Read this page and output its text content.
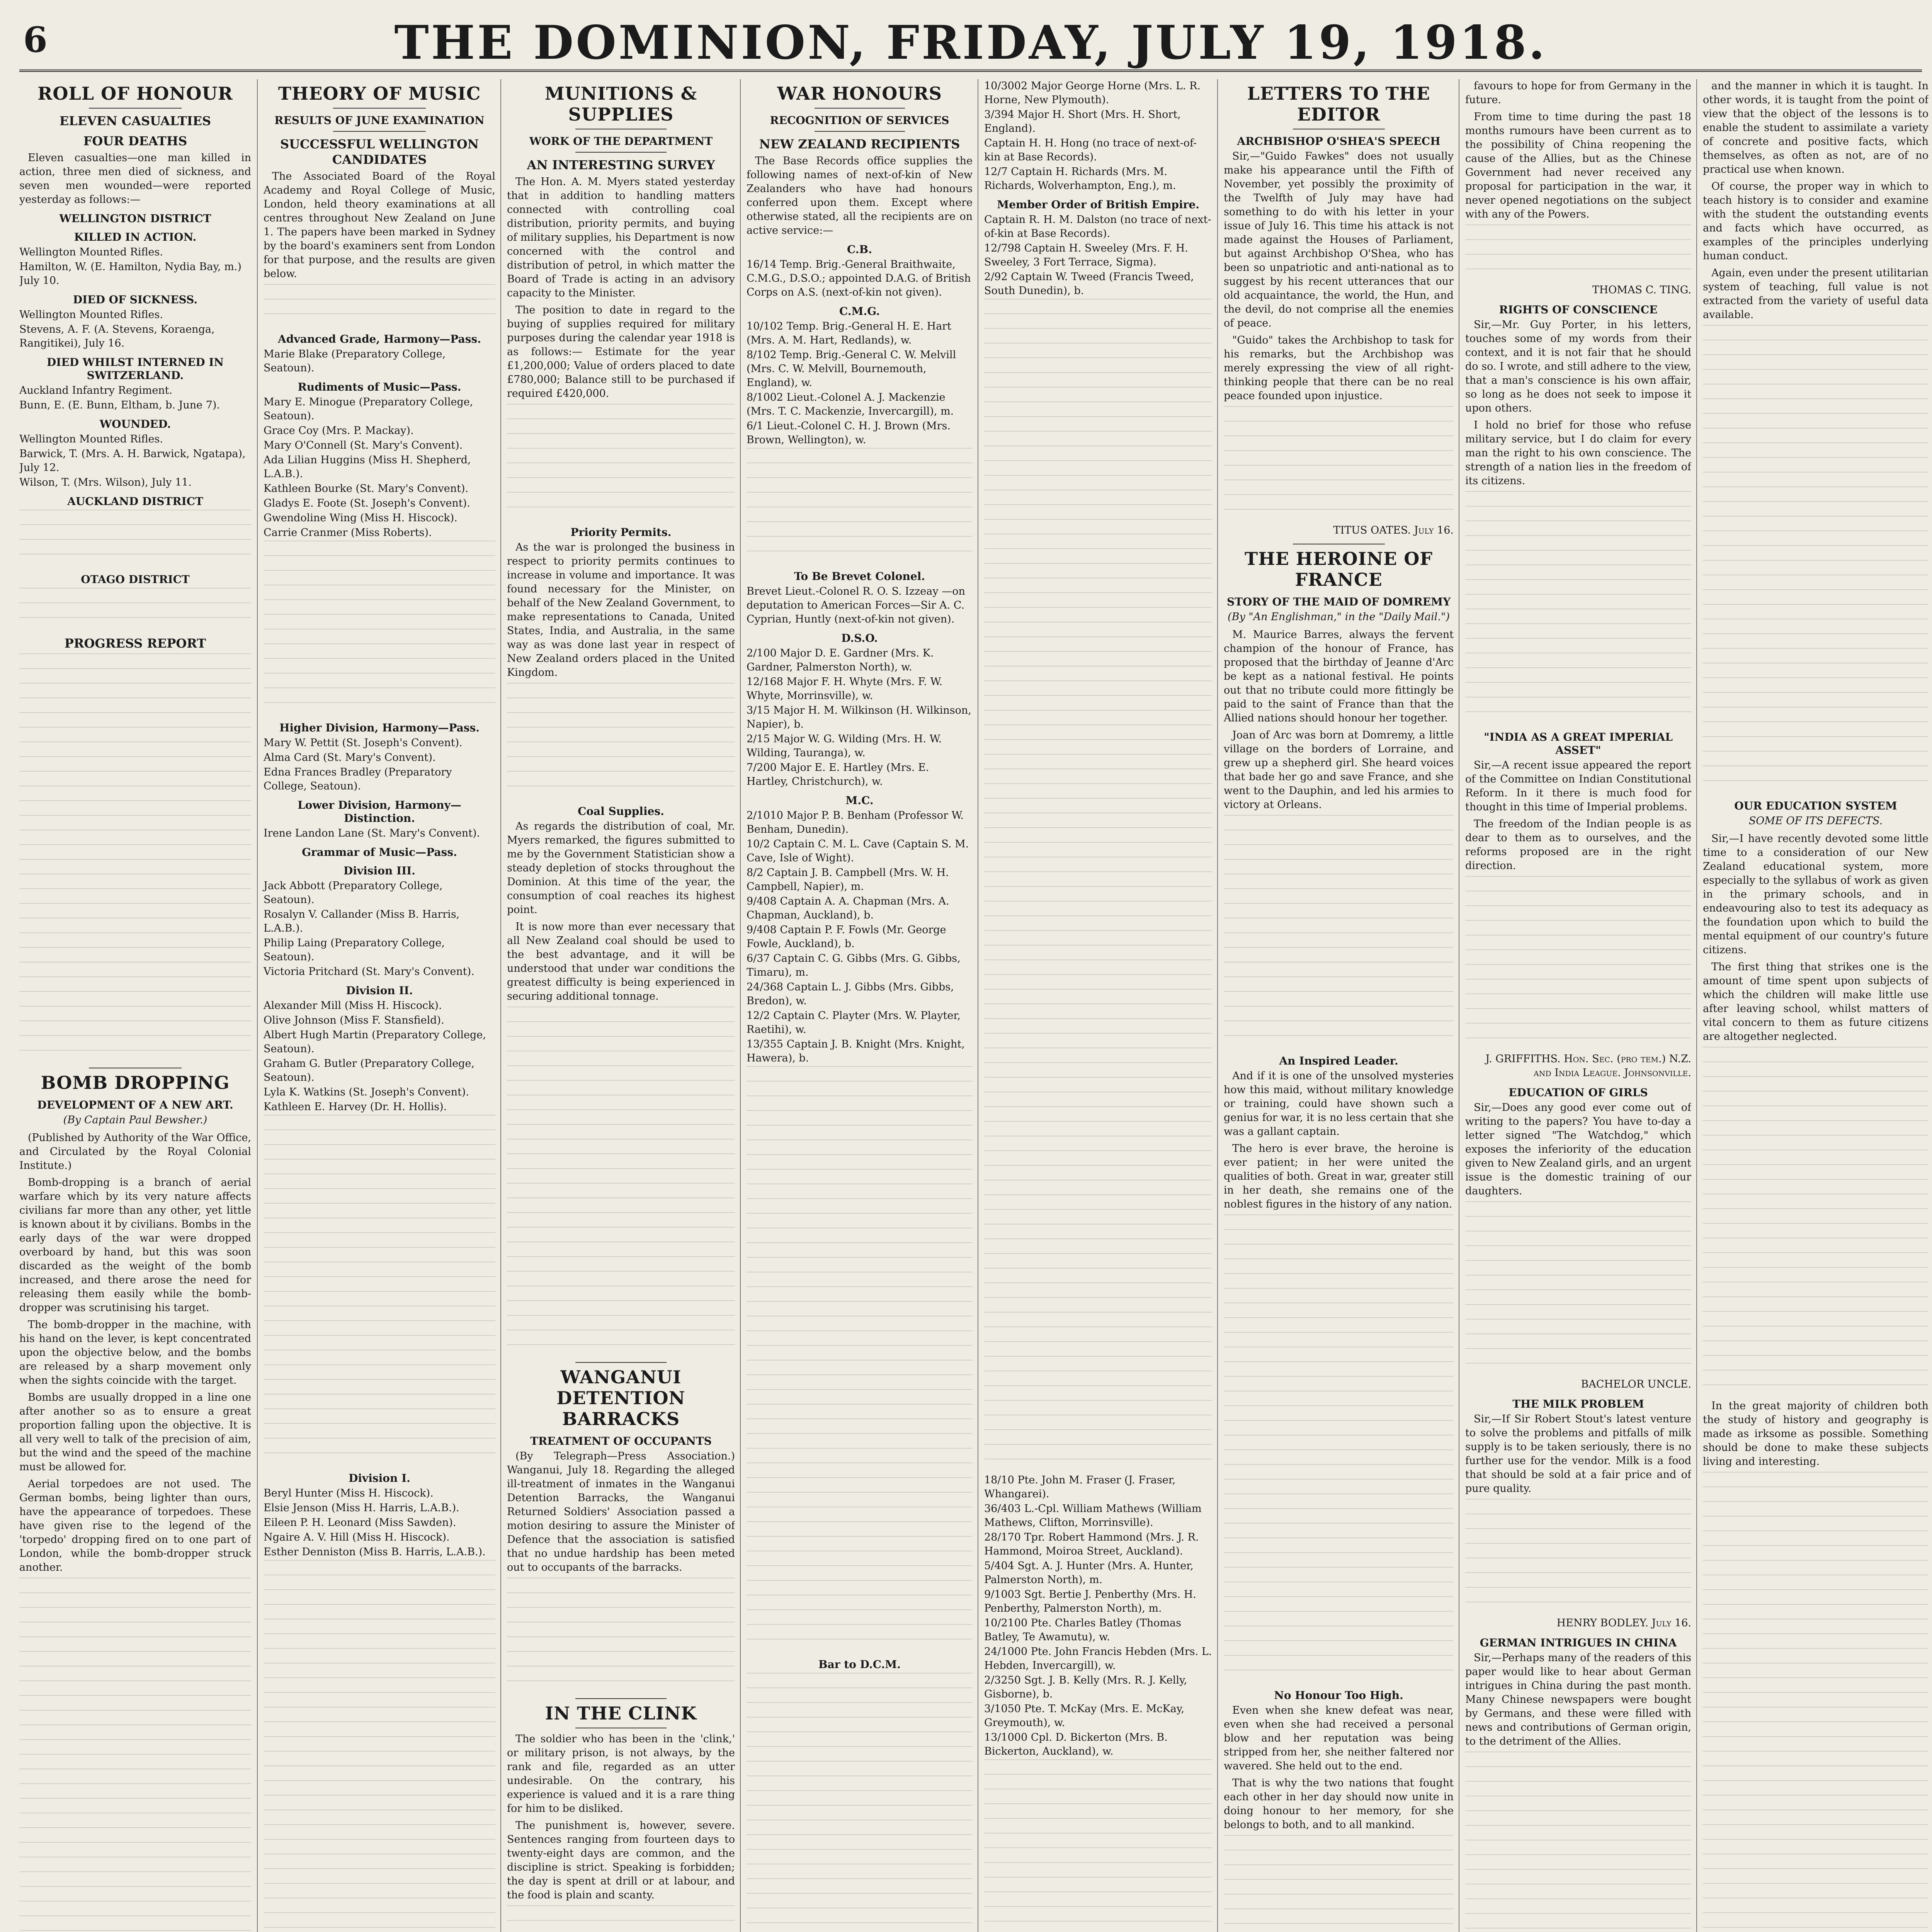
6	THE DOMINION, FRIDAY, JULY 19, 1918.
ROLL OF HONOUR
ELEVEN CASUALTIES
FOUR DEATHS

Eleven casualties—one man killed in action, three men died of sickness, and seven men wounded—were reported yesterday as follows:—

WELLINGTON DISTRICT
KILLED IN ACTION.
Wellington Mounted Rifles.
Hamilton, W. (E. Hamilton, Nydia Bay, m.) July 10.
DIED OF SICKNESS.
Wellington Mounted Rifles.
Stevens, A. F. (A. Stevens, Koraenga, Rangitikei), July 16.
DIED WHILST INTERNED IN SWITZERLAND.
Auckland Infantry Regiment.
Bunn, E. (E. Bunn, Eltham, b. June 7).
WOUNDED.
Wellington Mounted Rifles.
Barwick, T. (Mrs. A. H. Barwick, Ngatapa), July 12.
Wilson, T. (Mrs. Wilson), July 11.
AUCKLAND DISTRICT
OTAGO DISTRICT
PROGRESS REPORT
BOMB DROPPING
DEVELOPMENT OF A NEW ART.
(By Captain Paul Bewsher.)

(Published by Authority of the War Office, and Circulated by the Royal Colonial Institute.)

Bomb-dropping is a branch of aerial warfare which by its very nature affects civilians far more than any other, yet little is known about it by civilians. Bombs in the early days of the war were dropped overboard by hand, but this was soon discarded as the weight of the bomb increased, and there arose the need for releasing them easily while the bomb-dropper was scrutinising his target.

The bomb-dropper in the machine, with his hand on the lever, is kept concentrated upon the objective below, and the bombs are released by a sharp movement only when the sights coincide with the target.

Bombs are usually dropped in a line one after another so as to ensure a great proportion falling upon the objective. It is all very well to talk of the precision of aim, but the wind and the speed of the machine must be allowed for.

Aerial torpedoes are not used. The German bombs, being lighter than ours, have the appearance of torpedoes. These have given rise to the legend of the 'torpedo' dropping fired on to one part of London, while the bomb-dropper struck another.

THEORY OF MUSIC
RESULTS OF JUNE EXAMINATION
SUCCESSFUL WELLINGTON CANDIDATES

The Associated Board of the Royal Academy and Royal College of Music, London, held theory examinations at all centres throughout New Zealand on June 1. The papers have been marked in Sydney by the board's examiners sent from London for that purpose, and the results are given below.

Advanced Grade, Harmony—Pass.
Marie Blake (Preparatory College, Seatoun).
Rudiments of Music—Pass.
Mary E. Minogue (Preparatory College, Seatoun).
Grace Coy (Mrs. P. Mackay).
Mary O'Connell (St. Mary's Convent).
Ada Lilian Huggins (Miss H. Shepherd, L.A.B.).
Kathleen Bourke (St. Mary's Convent).
Gladys E. Foote (St. Joseph's Convent).
Gwendoline Wing (Miss H. Hiscock).
Carrie Cranmer (Miss Roberts).
Higher Division, Harmony—Pass.
Mary W. Pettit (St. Joseph's Convent).
Alma Card (St. Mary's Convent).
Edna Frances Bradley (Preparatory College, Seatoun).
Lower Division, Harmony—Distinction.
Irene Landon Lane (St. Mary's Convent).
Grammar of Music—Pass.
Division III.
Jack Abbott (Preparatory College, Seatoun).
Rosalyn V. Callander (Miss B. Harris, L.A.B.).
Philip Laing (Preparatory College, Seatoun).
Victoria Pritchard (St. Mary's Convent).
Division II.
Alexander Mill (Miss H. Hiscock).
Olive Johnson (Miss F. Stansfield).
Albert Hugh Martin (Preparatory College, Seatoun).
Graham G. Butler (Preparatory College, Seatoun).
Lyla K. Watkins (St. Joseph's Convent).
Kathleen E. Harvey (Dr. H. Hollis).
Division I.
Beryl Hunter (Miss H. Hiscock).
Elsie Jenson (Miss H. Harris, L.A.B.).
Eileen P. H. Leonard (Miss Sawden).
Ngaire A. V. Hill (Miss H. Hiscock).
Esther Denniston (Miss B. Harris, L.A.B.).
MUNITIONS & SUPPLIES
WORK OF THE DEPARTMENT
AN INTERESTING SURVEY

The Hon. A. M. Myers stated yesterday that in addition to handling matters connected with controlling coal distribution, priority permits, and buying of military supplies, his Department is now concerned with the control and distribution of petrol, in which matter the Board of Trade is acting in an advisory capacity to the Minister.

The position to date in regard to the buying of supplies required for military purposes during the calendar year 1918 is as follows:— Estimate for the year £1,200,000; Value of orders placed to date £780,000; Balance still to be purchased if required £420,000.

Priority Permits.

As the war is prolonged the business in respect to priority permits continues to increase in volume and importance. It was found necessary for the Minister, on behalf of the New Zealand Government, to make representations to Canada, United States, India, and Australia, in the same way as was done last year in respect of New Zealand orders placed in the United Kingdom.

Coal Supplies.

As regards the distribution of coal, Mr. Myers remarked, the figures submitted to me by the Government Statistician show a steady depletion of stocks throughout the Dominion. At this time of the year, the consumption of coal reaches its highest point.

It is now more than ever necessary that all New Zealand coal should be used to the best advantage, and it will be understood that under war conditions the greatest difficulty is being experienced in securing additional tonnage.

WANGANUI DETENTION BARRACKS
TREATMENT OF OCCUPANTS

(By Telegraph—Press Association.) Wanganui, July 18. Regarding the alleged ill-treatment of inmates in the Wanganui Detention Barracks, the Wanganui Returned Soldiers' Association passed a motion desiring to assure the Minister of Defence that the association is satisfied that no undue hardship has been meted out to occupants of the barracks.

IN THE CLINK

The soldier who has been in the 'clink,' or military prison, is not always, by the rank and file, regarded as an utter undesirable. On the contrary, his experience is valued and it is a rare thing for him to be disliked.

The punishment is, however, severe. Sentences ranging from fourteen days to twenty-eight days are common, and the discipline is strict. Speaking is forbidden; the day is spent at drill or at labour, and the food is plain and scanty.

WAR HONOURS
RECOGNITION OF SERVICES
NEW ZEALAND RECIPIENTS

The Base Records office supplies the following names of next-of-kin of New Zealanders who have had honours conferred upon them. Except where otherwise stated, all the recipients are on active service:—

C.B.
16/14 Temp. Brig.-General Braithwaite, C.M.G., D.S.O.; appointed D.A.G. of British Corps on A.S. (next-of-kin not given).
C.M.G.
10/102 Temp. Brig.-General H. E. Hart (Mrs. A. M. Hart, Redlands), w.
8/102 Temp. Brig.-General C. W. Melvill (Mrs. C. W. Melvill, Bournemouth, England), w.
8/1002 Lieut.-Colonel A. J. Mackenzie (Mrs. T. C. Mackenzie, Invercargill), m.
6/1 Lieut.-Colonel C. H. J. Brown (Mrs. Brown, Wellington), w.
To Be Brevet Colonel.
Brevet Lieut.-Colonel R. O. S. Izzeay —on deputation to American Forces—Sir A. C. Cyprian, Huntly (next-of-kin not given).
D.S.O.
2/100 Major D. E. Gardner (Mrs. K. Gardner, Palmerston North), w.
12/168 Major F. H. Whyte (Mrs. F. W. Whyte, Morrinsville), w.
3/15 Major H. M. Wilkinson (H. Wilkinson, Napier), b.
2/15 Major W. G. Wilding (Mrs. H. W. Wilding, Tauranga), w.
7/200 Major E. E. Hartley (Mrs. E. Hartley, Christchurch), w.
M.C.
2/1010 Major P. B. Benham (Professor W. Benham, Dunedin).
10/2 Captain C. M. L. Cave (Captain S. M. Cave, Isle of Wight).
8/2 Captain J. B. Campbell (Mrs. W. H. Campbell, Napier), m.
9/408 Captain A. A. Chapman (Mrs. A. Chapman, Auckland), b.
9/408 Captain P. F. Fowls (Mr. George Fowle, Auckland), b.
6/37 Captain C. G. Gibbs (Mrs. G. Gibbs, Timaru), m.
24/368 Captain L. J. Gibbs (Mrs. Gibbs, Bredon), w.
12/2 Captain C. Playter (Mrs. W. Playter, Raetihi), w.
13/355 Captain J. B. Knight (Mrs. Knight, Hawera), b.
Bar to D.C.M.
10/3002 Major George Horne (Mrs. L. R. Horne, New Plymouth).
3/394 Major H. Short (Mrs. H. Short, England).
Captain H. H. Hong (no trace of next-of-kin at Base Records).
12/7 Captain H. Richards (Mrs. M. Richards, Wolverhampton, Eng.), m.
Member Order of British Empire.
Captain R. H. M. Dalston (no trace of next-of-kin at Base Records).
12/798 Captain H. Sweeley (Mrs. F. H. Sweeley, 3 Fort Terrace, Sigma).
2/92 Captain W. Tweed (Francis Tweed, South Dunedin), b.
18/10 Pte. John M. Fraser (J. Fraser, Whangarei).
36/403 L.-Cpl. William Mathews (William Mathews, Clifton, Morrinsville).
28/170 Tpr. Robert Hammond (Mrs. J. R. Hammond, Moiroa Street, Auckland).
5/404 Sgt. A. J. Hunter (Mrs. A. Hunter, Palmerston North), m.
9/1003 Sgt. Bertie J. Penberthy (Mrs. H. Penberthy, Palmerston North), m.
10/2100 Pte. Charles Batley (Thomas Batley, Te Awamutu), w.
24/1000 Pte. John Francis Hebden (Mrs. L. Hebden, Invercargill), w.
2/3250 Sgt. J. B. Kelly (Mrs. R. J. Kelly, Gisborne), b.
3/1050 Pte. T. McKay (Mrs. E. McKay, Greymouth), w.
13/1000 Cpl. D. Bickerton (Mrs. B. Bickerton, Auckland), w.
LETTERS TO THE EDITOR
ARCHBISHOP O'SHEA'S SPEECH

Sir,—"Guido Fawkes" does not usually make his appearance until the Fifth of November, yet possibly the proximity of the Twelfth of July may have had something to do with his letter in your issue of July 16. This time his attack is not made against the Houses of Parliament, but against Archbishop O'Shea, who has been so unpatriotic and anti-national as to suggest by his recent utterances that our old acquaintance, the world, the Hun, and the devil, do not comprise all the enemies of peace.

"Guido" takes the Archbishop to task for his remarks, but the Archbishop was merely expressing the view of all right-thinking people that there can be no real peace founded upon injustice.

TITUS OATES. July 16.
THE HEROINE OF FRANCE
STORY OF THE MAID OF DOMREMY
(By "An Englishman," in the "Daily Mail.")

M. Maurice Barres, always the fervent champion of the honour of France, has proposed that the birthday of Jeanne d'Arc be kept as a national festival. He points out that no tribute could more fittingly be paid to the saint of France than that the Allied nations should honour her together.

Joan of Arc was born at Domremy, a little village on the borders of Lorraine, and grew up a shepherd girl. She heard voices that bade her go and save France, and she went to the Dauphin, and led his armies to victory at Orleans.

An Inspired Leader.

And if it is one of the unsolved mysteries how this maid, without military knowledge or training, could have shown such a genius for war, it is no less certain that she was a gallant captain.

The hero is ever brave, the heroine is ever patient; in her were united the qualities of both. Great in war, greater still in her death, she remains one of the noblest figures in the history of any nation.

No Honour Too High.

Even when she knew defeat was near, even when she had received a personal blow and her reputation was being stripped from her, she neither faltered nor wavered. She held out to the end.

That is why the two nations that fought each other in her day should now unite in doing honour to her memory, for she belongs to both, and to all mankind.

favours to hope for from Germany in the future.

From time to time during the past 18 months rumours have been current as to the possibility of China reopening the cause of the Allies, but as the Chinese Government had never received any proposal for participation in the war, it never opened negotiations on the subject with any of the Powers.

THOMAS C. TING.
RIGHTS OF CONSCIENCE

Sir,—Mr. Guy Porter, in his letters, touches some of my words from their context, and it is not fair that he should do so. I wrote, and still adhere to the view, that a man's conscience is his own affair, so long as he does not seek to impose it upon others.

I hold no brief for those who refuse military service, but I do claim for every man the right to his own conscience. The strength of a nation lies in the freedom of its citizens.

"INDIA AS A GREAT IMPERIAL ASSET"

Sir,—A recent issue appeared the report of the Committee on Indian Constitutional Reform. In it there is much food for thought in this time of Imperial problems.

The freedom of the Indian people is as dear to them as to ourselves, and the reforms proposed are in the right direction.

J. GRIFFITHS. Hon. Sec. (pro tem.) N.Z. and India League. Johnsonville.
EDUCATION OF GIRLS

Sir,—Does any good ever come out of writing to the papers? You have to-day a letter signed "The Watchdog," which exposes the inferiority of the education given to New Zealand girls, and an urgent issue is the domestic training of our daughters.

BACHELOR UNCLE.
THE MILK PROBLEM

Sir,—If Sir Robert Stout's latest venture to solve the problems and pitfalls of milk supply is to be taken seriously, there is no further use for the vendor. Milk is a food that should be sold at a fair price and of pure quality.

HENRY BODLEY. July 16.
GERMAN INTRIGUES IN CHINA

Sir,—Perhaps many of the readers of this paper would like to hear about German intrigues in China during the past month. Many Chinese newspapers were bought by Germans, and these were filled with news and contributions of German origin, to the detriment of the Allies.

and the manner in which it is taught. In other words, it is taught from the point of view that the object of the lessons is to enable the student to assimilate a variety of concrete and positive facts, which themselves, as often as not, are of no practical use when known.

Of course, the proper way in which to teach history is to consider and examine with the student the outstanding events and facts which have occurred, as examples of the principles underlying human conduct.

Again, even under the present utilitarian system of teaching, full value is not extracted from the variety of useful data available.

OUR EDUCATION SYSTEM
SOME OF ITS DEFECTS.

Sir,—I have recently devoted some little time to a consideration of our New Zealand educational system, more especially to the syllabus of work as given in the primary schools, and in endeavouring also to test its adequacy as the foundation upon which to build the mental equipment of our country's future citizens.

The first thing that strikes one is the amount of time spent upon subjects of which the children will make little use after leaving school, whilst matters of vital concern to them as future citizens are altogether neglected.

In the great majority of children both the study of history and geography is made as irksome as possible. Something should be done to make these subjects living and interesting.
